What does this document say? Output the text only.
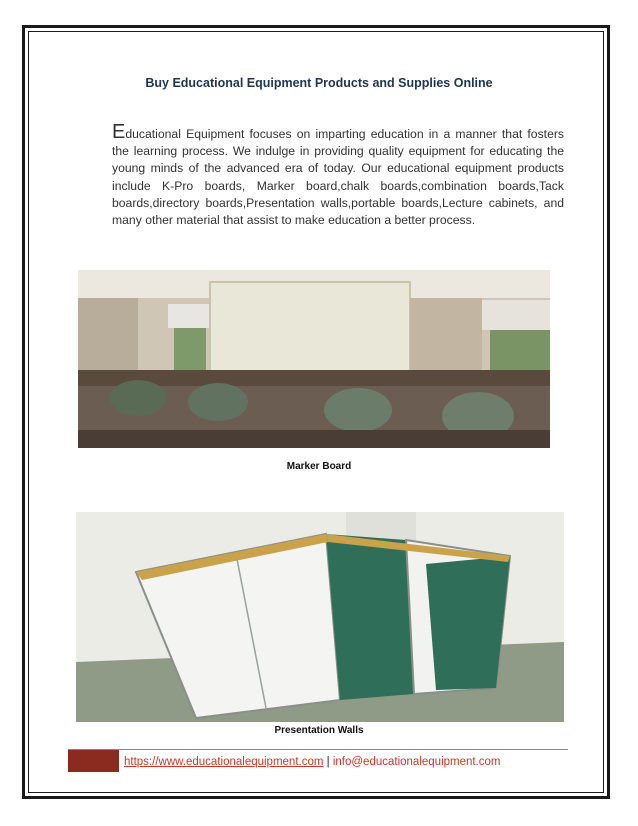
Buy Educational Equipment Products and Supplies Online
Educational Equipment focuses on imparting education in a manner that fosters the learning process. We indulge in providing quality equipment for educating the young minds of the advanced era of today. Our educational equipment products include K-Pro boards, Marker board,chalk boards,combination boards,Tack boards,directory boards,Presentation walls,portable boards,Lecture cabinets, and many other material that assist to make education a better process.
Marker Board
Presentation Walls
https://www.educationalequipment.com | info@educationalequipment.com
